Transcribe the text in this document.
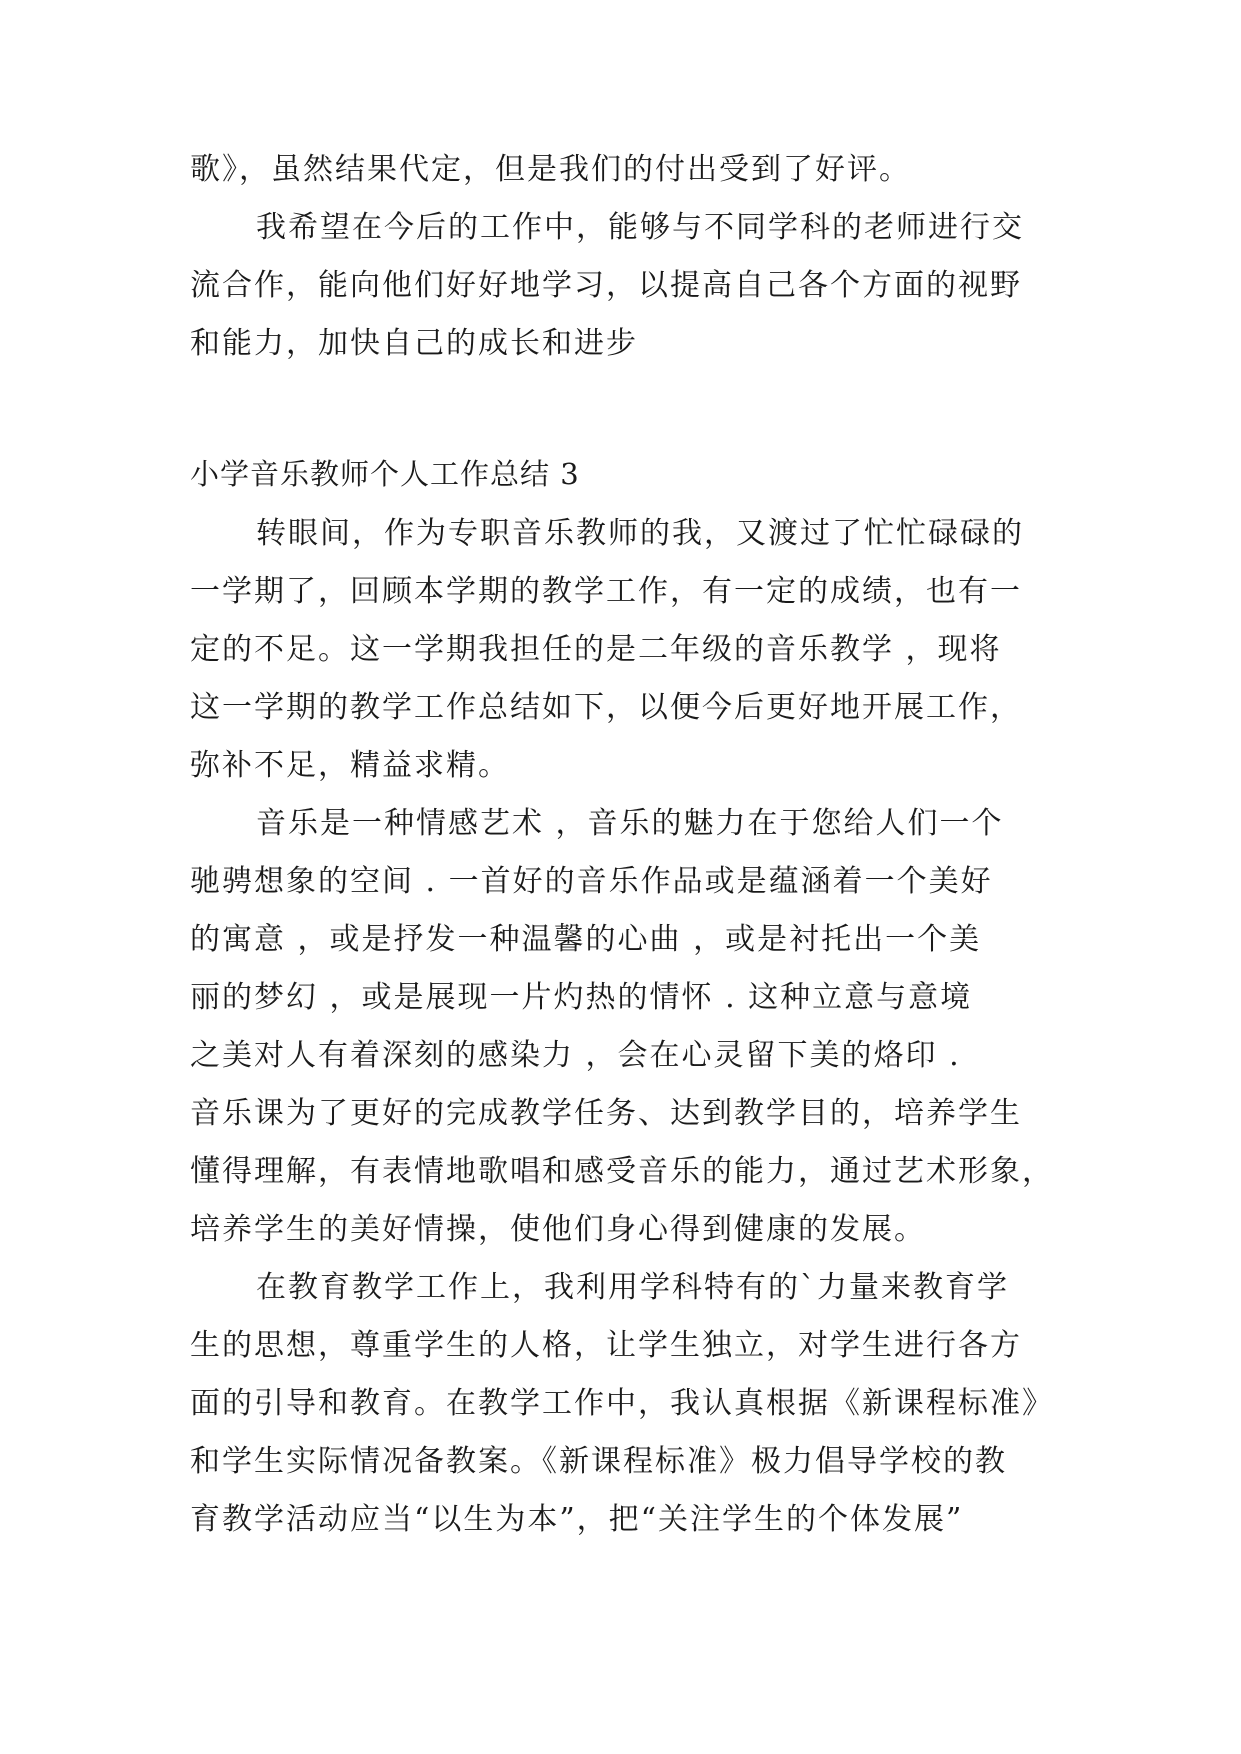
歌》，虽然结果代定，但是我们的付出受到了好评。
我希望在今后的工作中，能够与不同学科的老师进行交
流合作，能向他们好好地学习，以提高自己各个方面的视野
和能力，加快自己的成长和进步
小学音乐教师个人工作总结 3
转眼间，作为专职音乐教师的我，又渡过了忙忙碌碌的
一学期了，回顾本学期的教学工作，有一定的成绩，也有一
定的不足。这一学期我担任的是二年级的音乐教学 ，现将
这一学期的教学工作总结如下，以便今后更好地开展工作，
弥补不足，精益求精。
音乐是一种情感艺术 ，音乐的魅力在于您给人们一个
驰骋想象的空间 . 一首好的音乐作品或是蕴涵着一个美好
的寓意 ，或是抒发一种温馨的心曲 ，或是衬托出一个美
丽的梦幻 ，或是展现一片灼热的情怀 . 这种立意与意境
之美对人有着深刻的感染力 ，会在心灵留下美的烙印 .
音乐课为了更好的完成教学任务、达到教学目的，培养学生
懂得理解，有表情地歌唱和感受音乐的能力，通过艺术形象，
培养学生的美好情操，使他们身心得到健康的发展。
在教育教学工作上，我利用学科特有的`力量来教育学
生的思想，尊重学生的人格，让学生独立，对学生进行各方
面的引导和教育。在教学工作中，我认真根据《新课程标准》
和学生实际情况备教案。《新课程标准》极力倡导学校的教
育教学活动应当“以生为本”，把“关注学生的个体发展”
